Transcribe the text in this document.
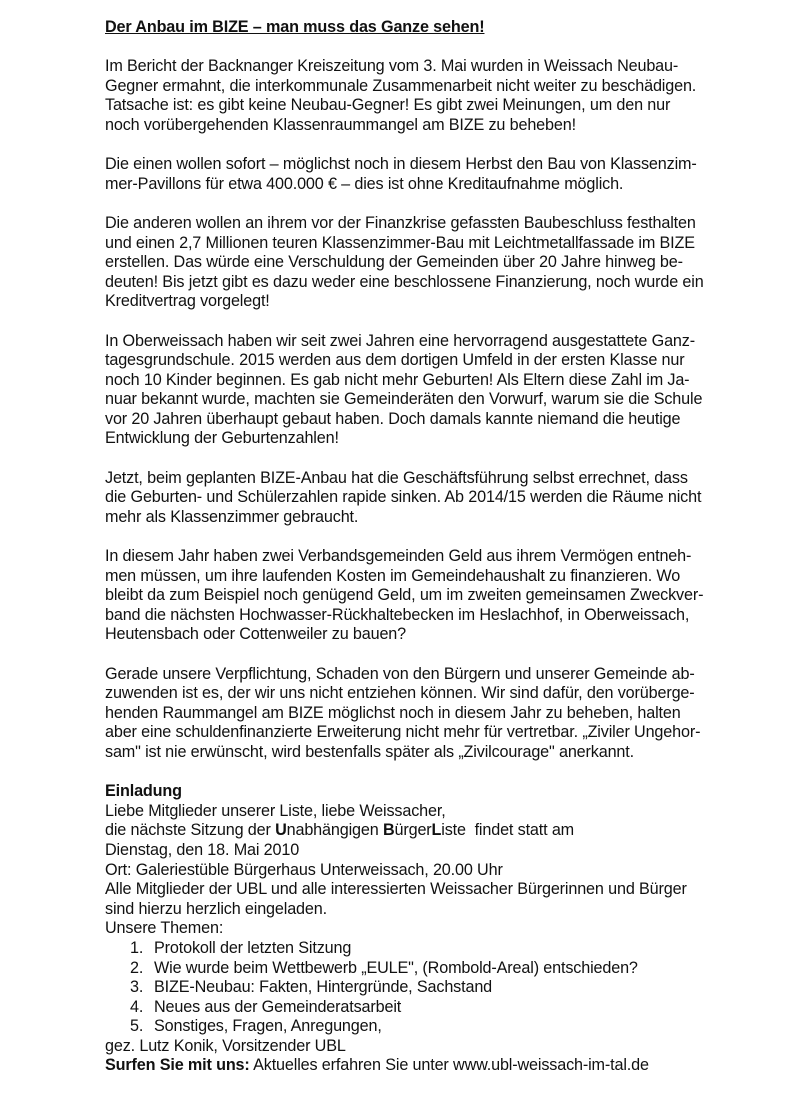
Der Anbau im BIZE – man muss das Ganze sehen!
Im Bericht der Backnanger Kreiszeitung vom 3. Mai wurden in Weissach Neubau-
Gegner ermahnt, die interkommunale Zusammenarbeit nicht weiter zu beschädigen.
Tatsache ist: es gibt keine Neubau-Gegner! Es gibt zwei Meinungen, um den nur
noch vorübergehenden Klassenraummangel am BIZE zu beheben!
Die einen wollen sofort – möglichst noch in diesem Herbst den Bau von Klassenzim-
mer-Pavillons für etwa 400.000 € – dies ist ohne Kreditaufnahme möglich.
Die anderen wollen an ihrem vor der Finanzkrise gefassten Baubeschluss festhalten
und einen 2,7 Millionen teuren Klassenzimmer-Bau mit Leichtmetallfassade im BIZE
erstellen. Das würde eine Verschuldung der Gemeinden über 20 Jahre hinweg be-
deuten! Bis jetzt gibt es dazu weder eine beschlossene Finanzierung, noch wurde ein
Kreditvertrag vorgelegt!
In Oberweissach haben wir seit zwei Jahren eine hervorragend ausgestattete Ganz-
tagesgrundschule. 2015 werden aus dem dortigen Umfeld in der ersten Klasse nur
noch 10 Kinder beginnen. Es gab nicht mehr Geburten! Als Eltern diese Zahl im Ja-
nuar bekannt wurde, machten sie Gemeinderäten den Vorwurf, warum sie die Schule
vor 20 Jahren überhaupt gebaut haben. Doch damals kannte niemand die heutige
Entwicklung der Geburtenzahlen!
Jetzt, beim geplanten BIZE-Anbau hat die Geschäftsführung selbst errechnet, dass
die Geburten- und Schülerzahlen rapide sinken. Ab 2014/15 werden die Räume nicht
mehr als Klassenzimmer gebraucht.
In diesem Jahr haben zwei Verbandsgemeinden Geld aus ihrem Vermögen entneh-
men müssen, um ihre laufenden Kosten im Gemeindehaushalt zu finanzieren. Wo
bleibt da zum Beispiel noch genügend Geld, um im zweiten gemeinsamen Zweckver-
band die nächsten Hochwasser-Rückhaltebecken im Heslachhof, in Oberweissach,
Heutensbach oder Cottenweiler zu bauen?
Gerade unsere Verpflichtung, Schaden von den Bürgern und unserer Gemeinde ab-
zuwenden ist es, der wir uns nicht entziehen können. Wir sind dafür, den vorüberge-
henden Raummangel am BIZE möglichst noch in diesem Jahr zu beheben, halten
aber eine schuldenfinanzierte Erweiterung nicht mehr für vertretbar. „Ziviler Ungehor-
sam" ist nie erwünscht, wird bestenfalls später als „Zivilcourage" anerkannt.
Einladung
Liebe Mitglieder unserer Liste, liebe Weissacher,
die nächste Sitzung der Unabhängigen BürgerListe  findet statt am
Dienstag, den 18. Mai 2010
Ort: Galeriestüble Bürgerhaus Unterweissach, 20.00 Uhr
Alle Mitglieder der UBL und alle interessierten Weissacher Bürgerinnen und Bürger
sind hierzu herzlich eingeladen.
Unsere Themen:
1. Protokoll der letzten Sitzung
2. Wie wurde beim Wettbewerb „EULE", (Rombold-Areal) entschieden?
3. BIZE-Neubau: Fakten, Hintergründe, Sachstand
4. Neues aus der Gemeinderatsarbeit
5. Sonstiges, Fragen, Anregungen,
gez. Lutz Konik, Vorsitzender UBL
Surfen Sie mit uns: Aktuelles erfahren Sie unter www.ubl-weissach-im-tal.de
